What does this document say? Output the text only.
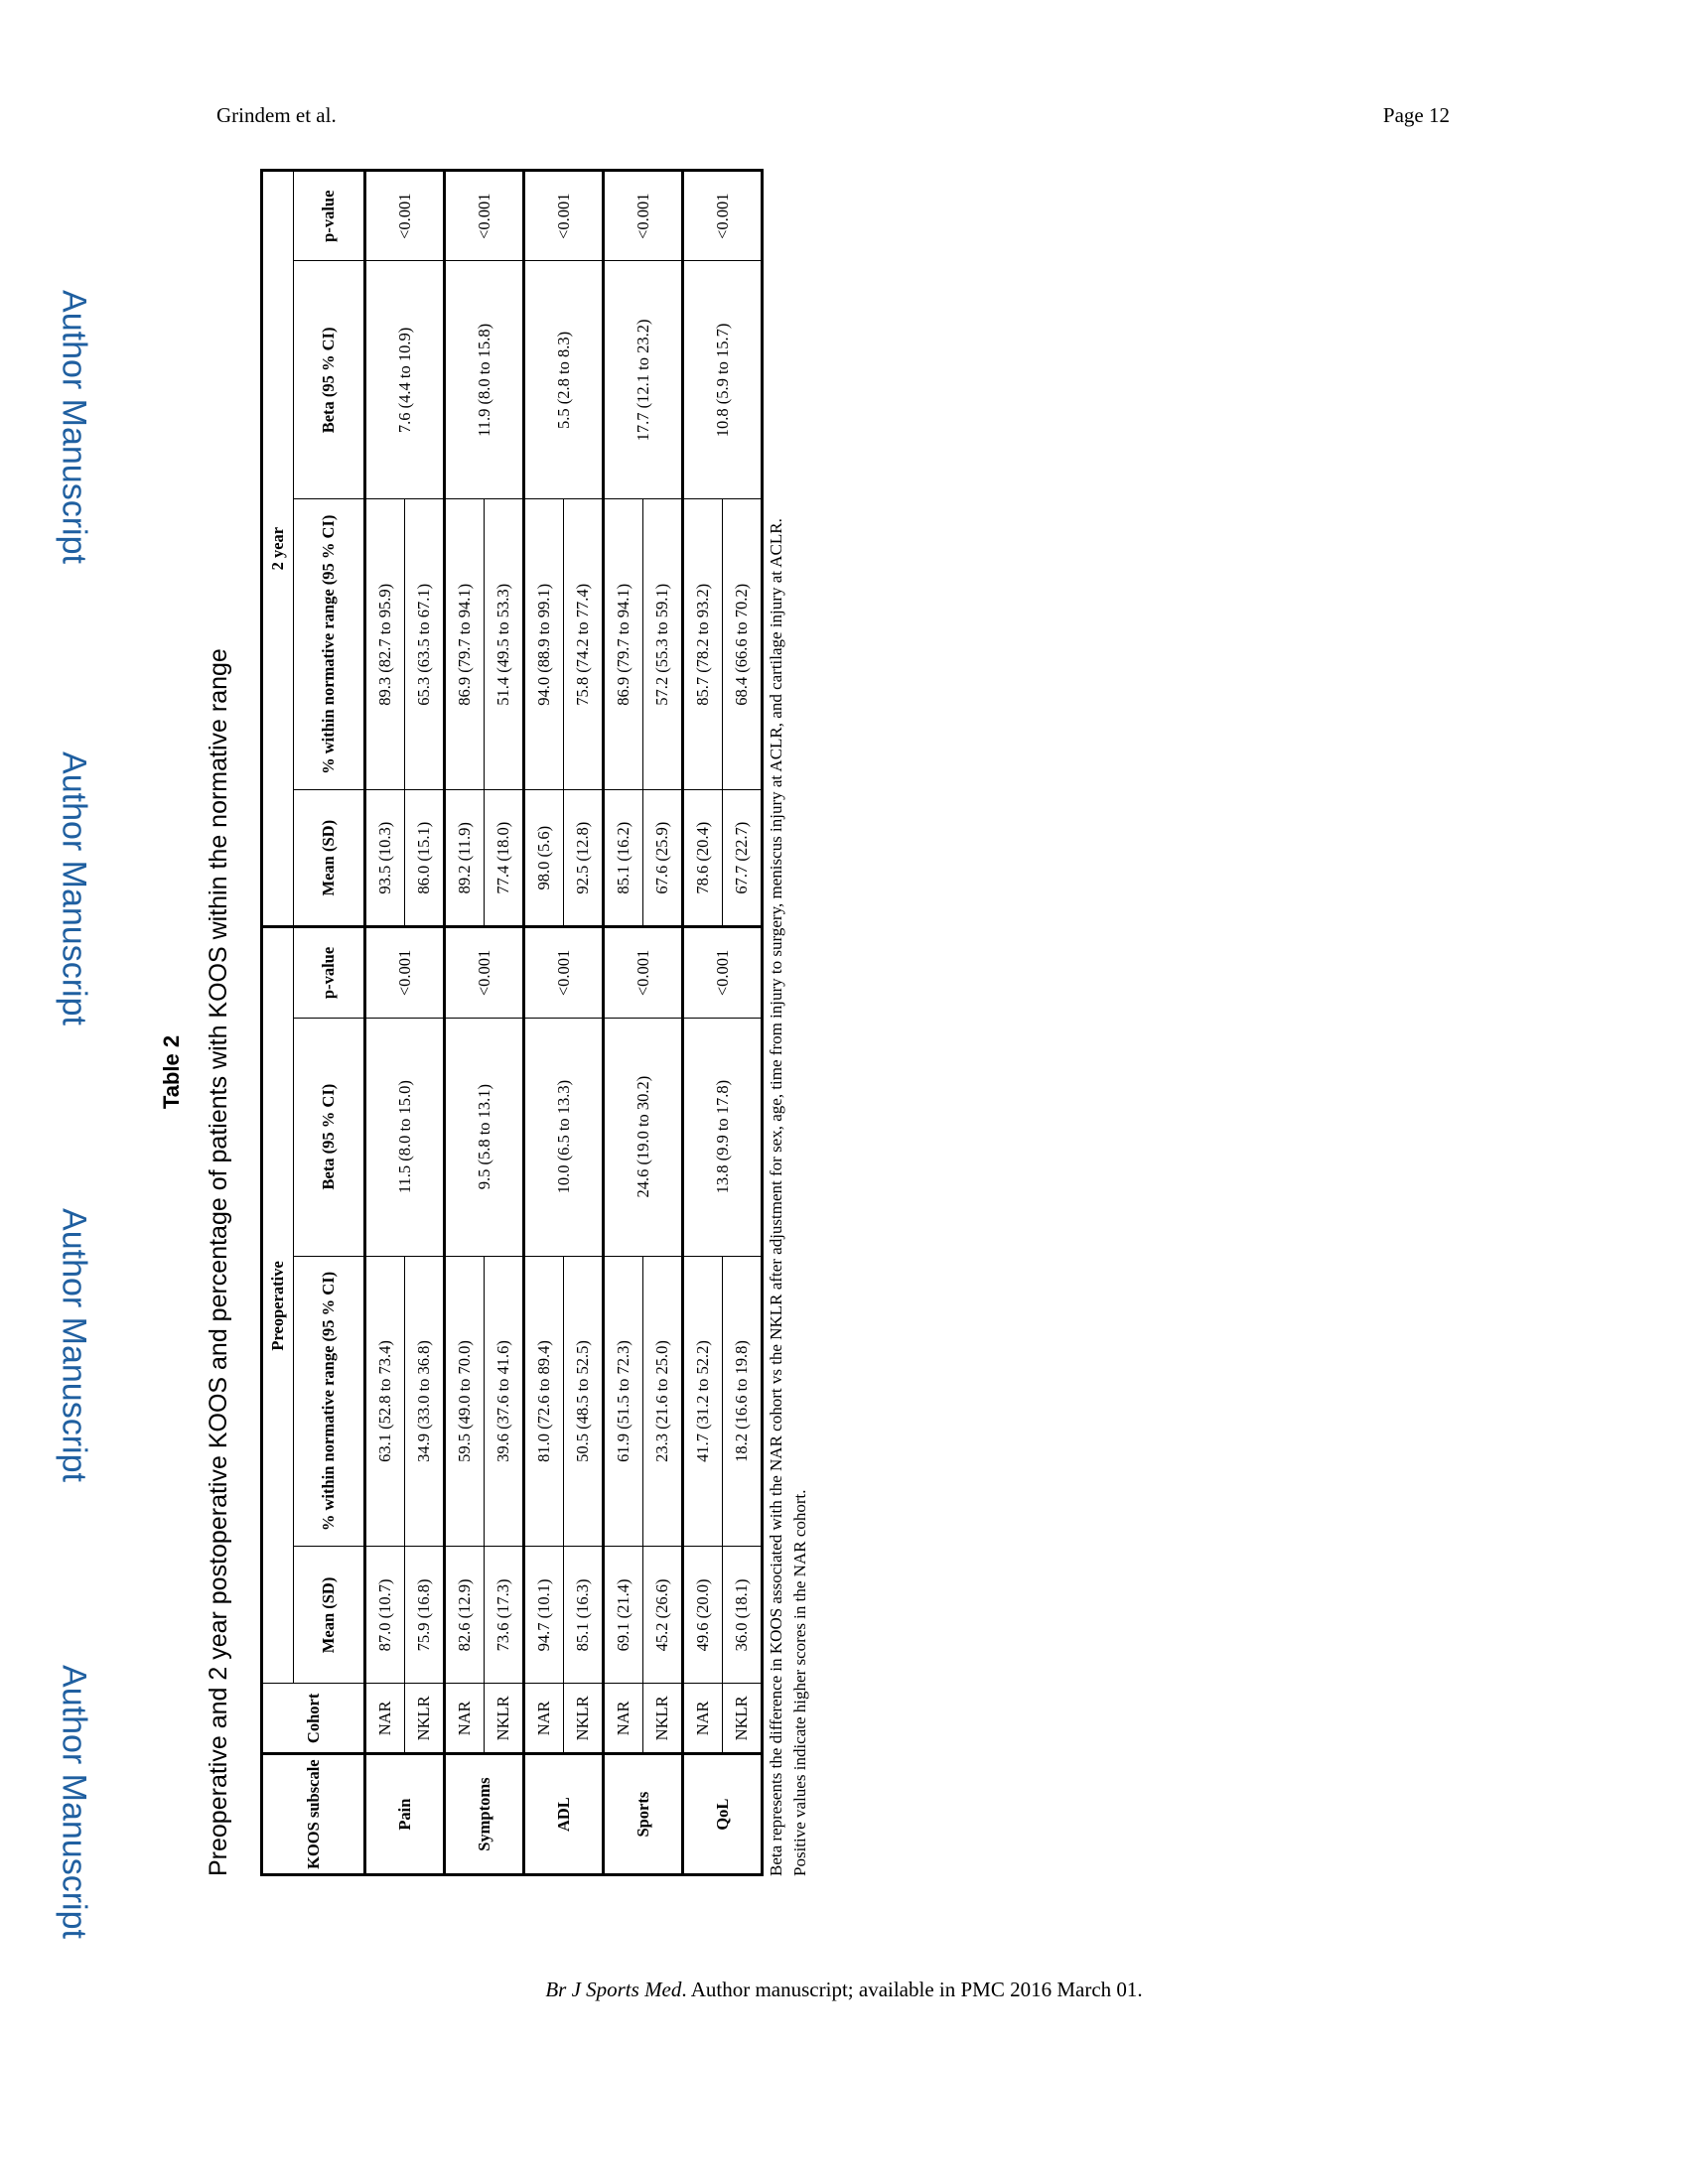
Grindem et al.	Page 12
Author Manuscript
Author Manuscript
Author Manuscript
Author Manuscript
Table 2 Preoperative and 2 year postoperative KOOS and percentage of patients with KOOS within the normative range	KOOS subscale	Cohort	Preoperative				2 year			
		Mean (SD)	% within normative range (95 % CI)	Beta (95 % CI)	p-value	Mean (SD)	% within normative range (95 % CI)	Beta (95 % CI)	p-value
Pain	NAR	87.0 (10.7)	63.1 (52.8 to 73.4)	11.5 (8.0 to 15.0)	<0.001	93.5 (10.3)	89.3 (82.7 to 95.9)	7.6 (4.4 to 10.9)	<0.001
	NKLR	75.9 (16.8)	34.9 (33.0 to 36.8)			86.0 (15.1)	65.3 (63.5 to 67.1)		
Symptoms	NAR	82.6 (12.9)	59.5 (49.0 to 70.0)	9.5 (5.8 to 13.1)	<0.001	89.2 (11.9)	86.9 (79.7 to 94.1)	11.9 (8.0 to 15.8)	<0.001
	NKLR	73.6 (17.3)	39.6 (37.6 to 41.6)			77.4 (18.0)	51.4 (49.5 to 53.3)		
ADL	NAR	94.7 (10.1)	81.0 (72.6 to 89.4)	10.0 (6.5 to 13.3)	<0.001	98.0 (5.6)	94.0 (88.9 to 99.1)	5.5 (2.8 to 8.3)	<0.001
	NKLR	85.1 (16.3)	50.5 (48.5 to 52.5)			92.5 (12.8)	75.8 (74.2 to 77.4)		
Sports	NAR	69.1 (21.4)	61.9 (51.5 to 72.3)	24.6 (19.0 to 30.2)	<0.001	85.1 (16.2)	86.9 (79.7 to 94.1)	17.7 (12.1 to 23.2)	<0.001
	NKLR	45.2 (26.6)	23.3 (21.6 to 25.0)			67.6 (25.9)	57.2 (55.3 to 59.1)		
QoL	NAR	49.6 (20.0)	41.7 (31.2 to 52.2)	13.8 (9.9 to 17.8)	<0.001	78.6 (20.4)	85.7 (78.2 to 93.2)	10.8 (5.9 to 15.7)	<0.001
	NKLR	36.0 (18.1)	18.2 (16.6 to 19.8)			67.7 (22.7)	68.4 (66.6 to 70.2)		Beta represents the difference in KOOS associated with the NAR cohort vs the NKLR after adjustment for sex, age, time from injury to surgery, meniscus injury at ACLR, and cartilage injury at ACLR. Positive values indicate higher scores in the NAR cohort.
Br J Sports Med. Author manuscript; available in PMC 2016 March 01.
